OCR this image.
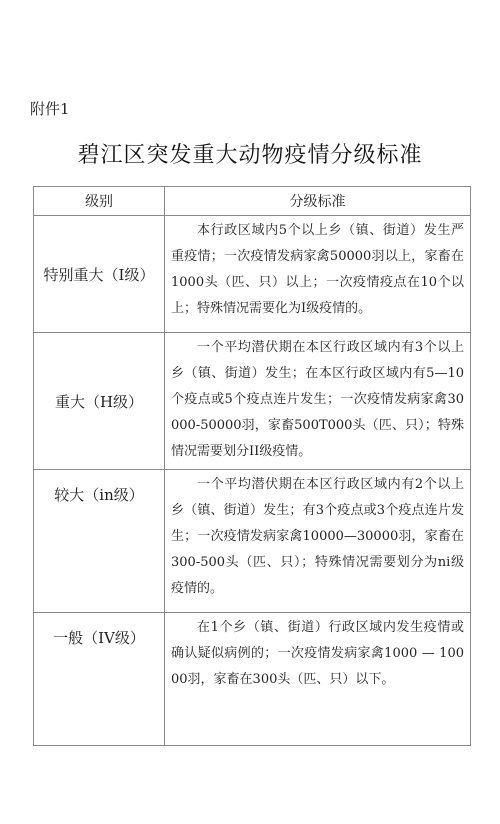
附件1
碧江区突发重大动物疫情分级标准
级别	分级标准
特别重大（I级）	本行政区域内5个以上乡（镇、街道）发生严重疫情；一次疫情发病家禽50000羽以上，家畜在1000头（匹、只）以上；一次疫情疫点在10个以上；特殊情况需要化为I级疫情的。
重大（H级）	一个平均潜伏期在本区行政区域内有3个以上乡（镇、街道）发生；在本区行政区域内有5—10个疫点或5个疫点连片发生；一次疫情发病家禽30000-50000羽，家畜500T000头（匹、只）；特殊情况需要划分II级疫情。
较大（in级）	一个平均潜伏期在本区行政区域内有2个以上乡（镇、街道）发生；有3个疫点或3个疫点连片发生；一次疫情发病家禽10000—30000羽，家畜在300-500头（匹、只）；特殊情况需要划分为ni级疫情的。
一般（IV级）	在1个乡（镇、街道）行政区域内发生疫情或确认疑似病例的；一次疫情发病家禽1000 — 10000羽，家畜在300头（匹、只）以下。
